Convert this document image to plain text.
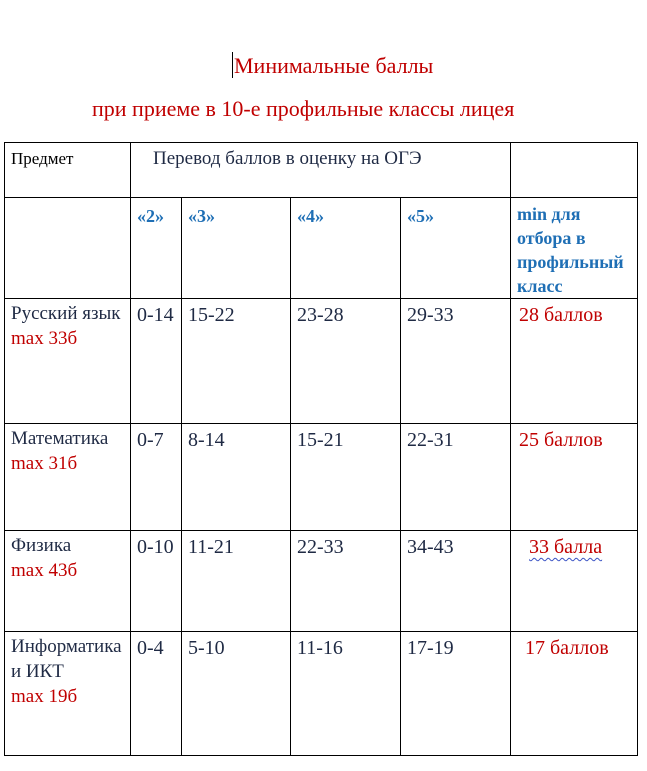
Минимальные баллы
при приеме в 10-е профильные классы лицея
Предмет	Перевод баллов в оценку на ОГЭ				
	«2»	«3»	«4»	«5»	min для отбора в профильный класс
Русский язык
max 33б	0-14	15-22	23-28	29-33	28 баллов
Математика
max 31б	0-7	8-14	15-21	22-31	25 баллов
Физика
max 43б	0-10	11-21	22-33	34-43	33 балла
Информатика и ИКТ
max 19б	0-4	5-10	11-16	17-19	17 баллов
